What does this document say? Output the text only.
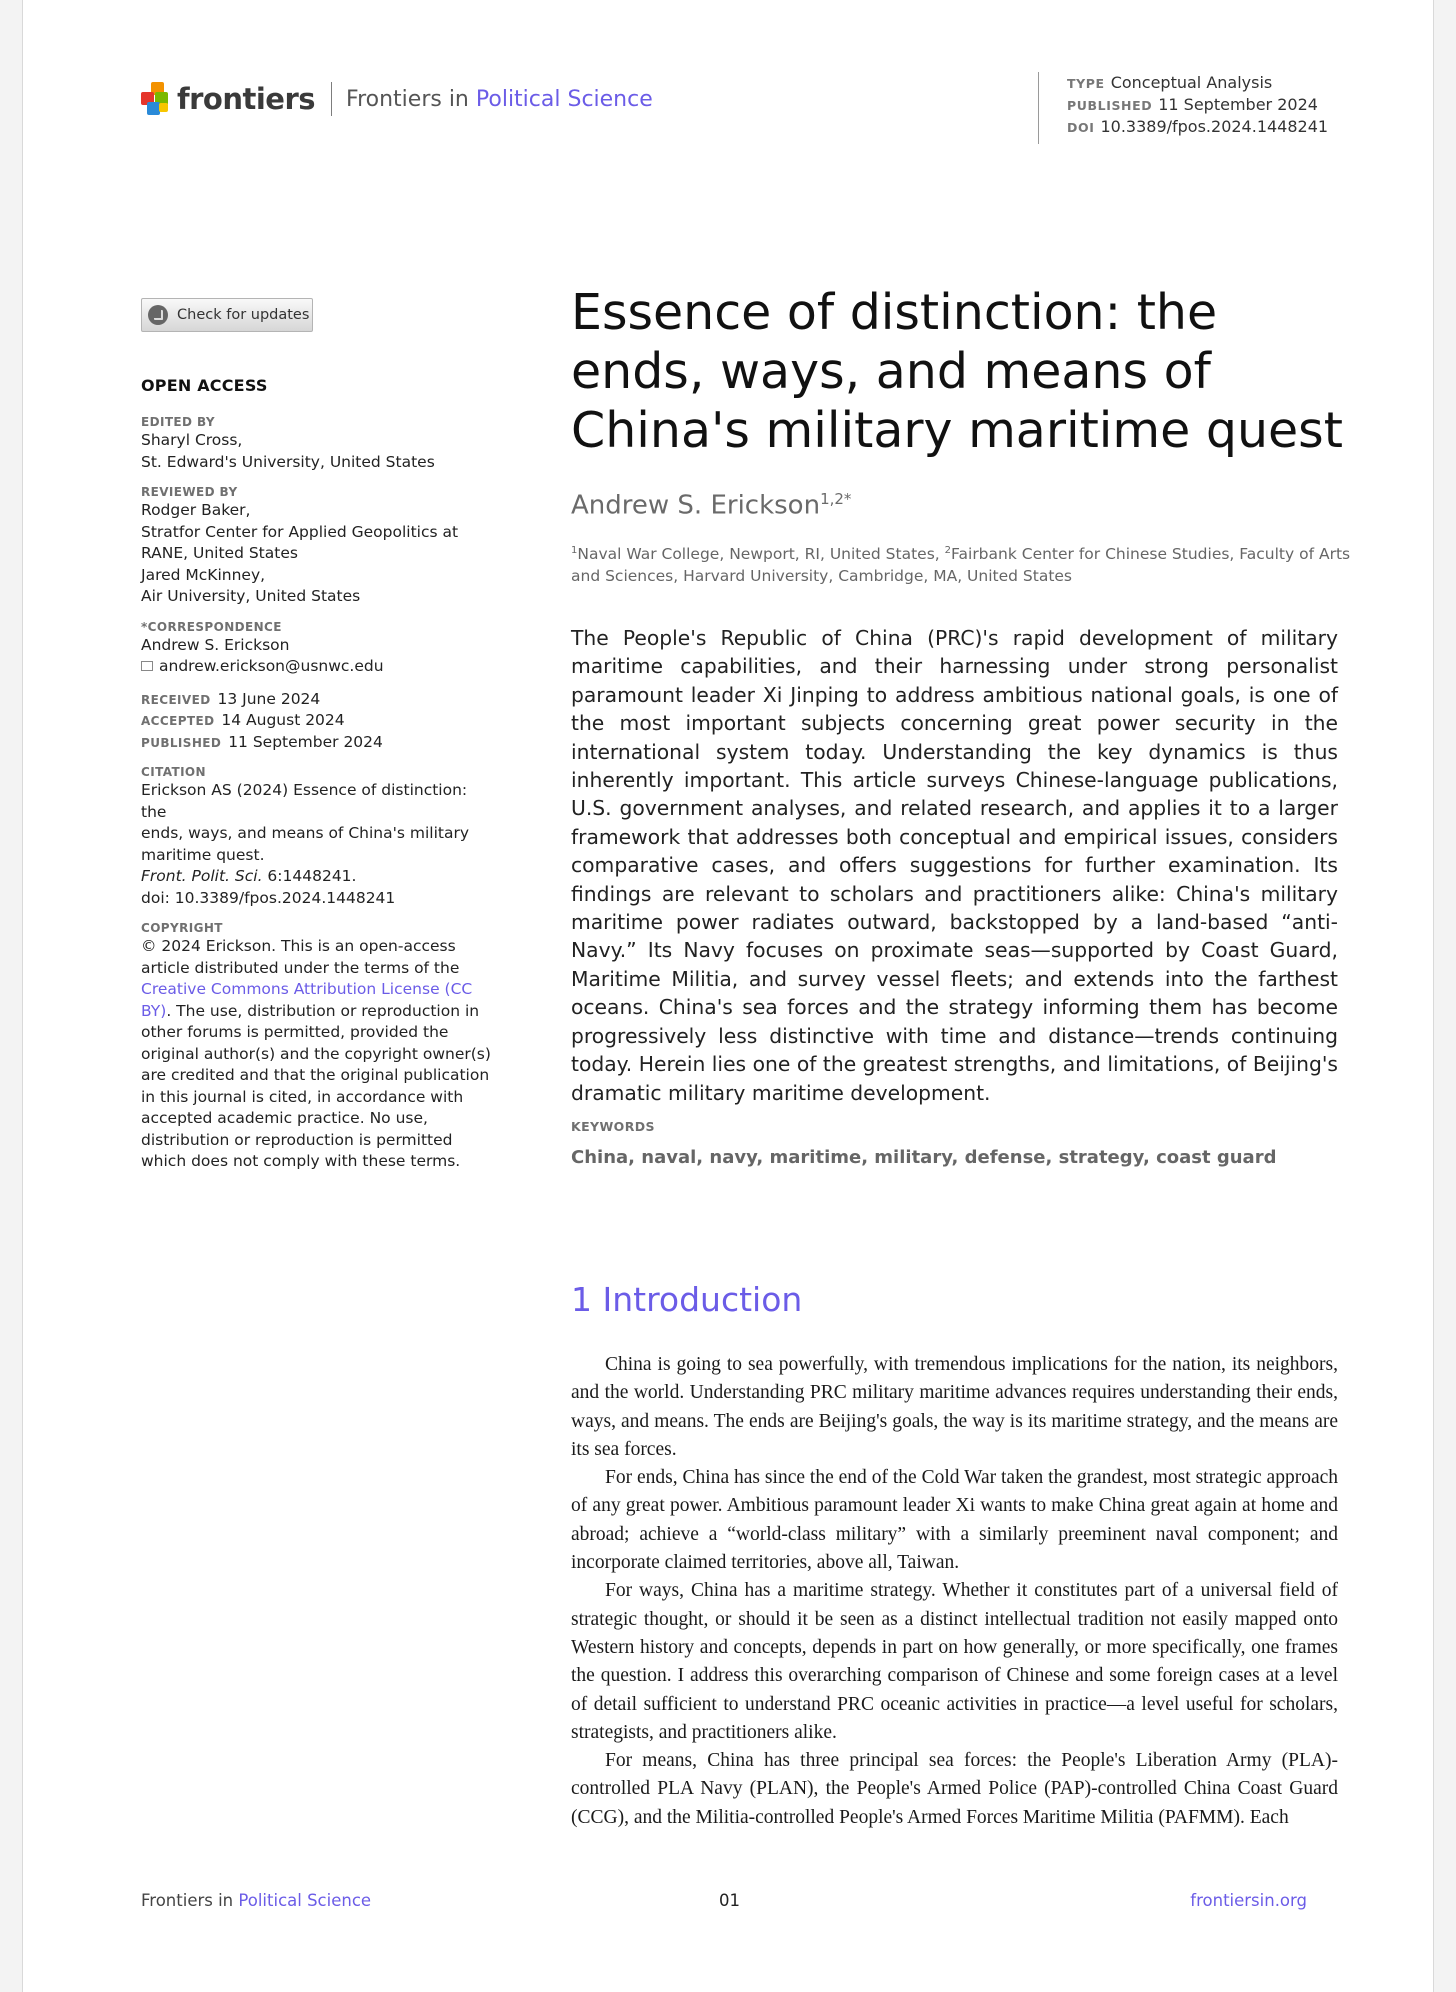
frontiers Frontiers in Political Science
TYPE Conceptual Analysis
PUBLISHED 11 September 2024
DOI 10.3389/fpos.2024.1448241
Check for updates
OPEN ACCESS
EDITED BY
Sharyl Cross,
St. Edward's University, United States
REVIEWED BY
Rodger Baker,
Stratfor Center for Applied Geopolitics at
RANE, United States
Jared McKinney,
Air University, United States
*CORRESPONDENCE
Andrew S. Erickson
andrew.erickson@usnwc.edu
RECEIVED 13 June 2024
ACCEPTED 14 August 2024
PUBLISHED 11 September 2024
CITATION
Erickson AS (2024) Essence of distinction: the
ends, ways, and means of China's military
maritime quest.
Front. Polit. Sci. 6:1448241.
doi: 10.3389/fpos.2024.1448241
COPYRIGHT
© 2024 Erickson. This is an open-access article distributed under the terms of the Creative Commons Attribution License (CC BY). The use, distribution or reproduction in other forums is permitted, provided the original author(s) and the copyright owner(s) are credited and that the original publication in this journal is cited, in accordance with accepted academic practice. No use, distribution or reproduction is permitted which does not comply with these terms.
Essence of distinction: the ends, ways, and means of China's military maritime quest
Andrew S. Erickson$^{1,2*}$
$^1$Naval War College, Newport, RI, United States, $^2$Fairbank Center for Chinese Studies, Faculty of Arts and Sciences, Harvard University, Cambridge, MA, United States

The People's Republic of China (PRC)'s rapid development of military maritime capabilities, and their harnessing under strong personalist paramount leader Xi Jinping to address ambitious national goals, is one of the most important subjects concerning great power security in the international system today. Understanding the key dynamics is thus inherently important. This article surveys Chinese-language publications, U.S. government analyses, and related research, and applies it to a larger framework that addresses both conceptual and empirical issues, considers comparative cases, and offers suggestions for further examination. Its findings are relevant to scholars and practitioners alike: China's military maritime power radiates outward, backstopped by a land-based “anti-Navy.” Its Navy focuses on proximate seas—supported by Coast Guard, Maritime Militia, and survey vessel fleets; and extends into the farthest oceans. China's sea forces and the strategy informing them has become progressively less distinctive with time and distance—trends continuing today. Herein lies one of the greatest strengths, and limitations, of Beijing's dramatic military maritime development.

KEYWORDS
China, naval, navy, maritime, military, defense, strategy, coast guard
1 Introduction

China is going to sea powerfully, with tremendous implications for the nation, its neighbors, and the world. Understanding PRC military maritime advances requires understanding their ends, ways, and means. The ends are Beijing's goals, the way is its maritime strategy, and the means are its sea forces.

For ends, China has since the end of the Cold War taken the grandest, most strategic approach of any great power. Ambitious paramount leader Xi wants to make China great again at home and abroad; achieve a “world-class military” with a similarly preeminent naval component; and incorporate claimed territories, above all, Taiwan.

For ways, China has a maritime strategy. Whether it constitutes part of a universal field of strategic thought, or should it be seen as a distinct intellectual tradition not easily mapped onto Western history and concepts, depends in part on how generally, or more specifically, one frames the question. I address this overarching comparison of Chinese and some foreign cases at a level of detail sufficient to understand PRC oceanic activities in practice—a level useful for scholars, strategists, and practitioners alike.

For means, China has three principal sea forces: the People's Liberation Army (PLA)-controlled PLA Navy (PLAN), the People's Armed Police (PAP)-controlled China Coast Guard (CCG), and the Militia-controlled People's Armed Forces Maritime Militia (PAFMM). Each

Frontiers in Political Science	01	frontiersin.org
